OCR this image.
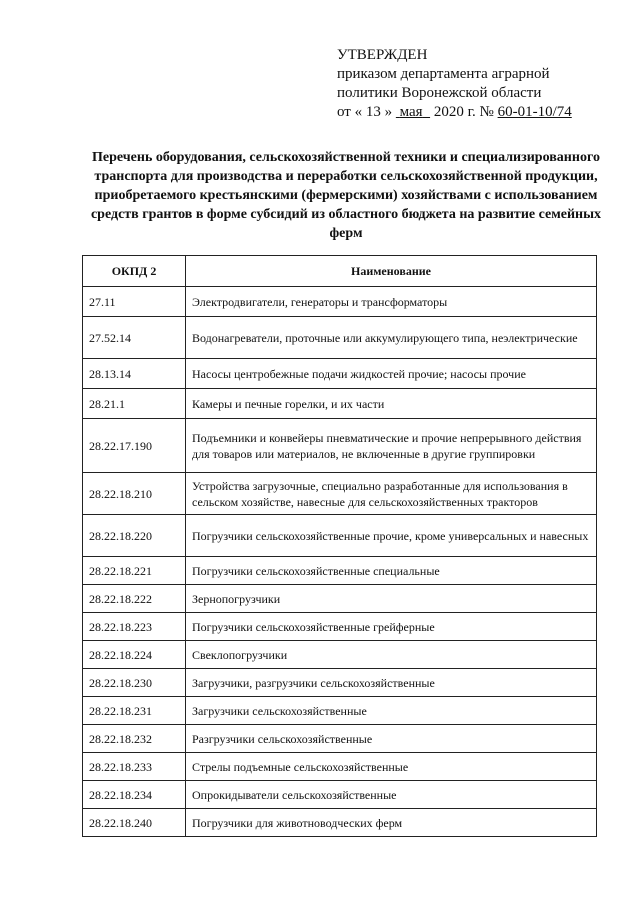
УТВЕРЖДЕН
приказом департамента аграрной
политики Воронежской области
от « 13 » мая 2020 г. № 60-01-10/74
Перечень оборудования, сельскохозяйственной техники и специализированного транспорта для производства и переработки сельскохозяйственной продукции, приобретаемого крестьянскими (фермерскими) хозяйствами с использованием средств грантов в форме субсидий из областного бюджета на развитие семейных ферм
ОКПД 2	Наименование
27.11	Электродвигатели, генераторы и трансформаторы
27.52.14	Водонагреватели, проточные или аккумулирующего типа, неэлектрические
28.13.14	Насосы центробежные подачи жидкостей прочие; насосы прочие
28.21.1	Камеры и печные горелки, и их части
28.22.17.190	Подъемники и конвейеры пневматические и прочие непрерывного действия для товаров или материалов, не включенные в другие группировки
28.22.18.210	Устройства загрузочные, специально разработанные для использования в сельском хозяйстве, навесные для сельскохозяйственных тракторов
28.22.18.220	Погрузчики сельскохозяйственные прочие, кроме универсальных и навесных
28.22.18.221	Погрузчики сельскохозяйственные специальные
28.22.18.222	Зернопогрузчики
28.22.18.223	Погрузчики сельскохозяйственные грейферные
28.22.18.224	Свеклопогрузчики
28.22.18.230	Загрузчики, разгрузчики сельскохозяйственные
28.22.18.231	Загрузчики сельскохозяйственные
28.22.18.232	Разгрузчики сельскохозяйственные
28.22.18.233	Стрелы подъемные сельскохозяйственные
28.22.18.234	Опрокидыватели сельскохозяйственные
28.22.18.240	Погрузчики для животноводческих ферм
